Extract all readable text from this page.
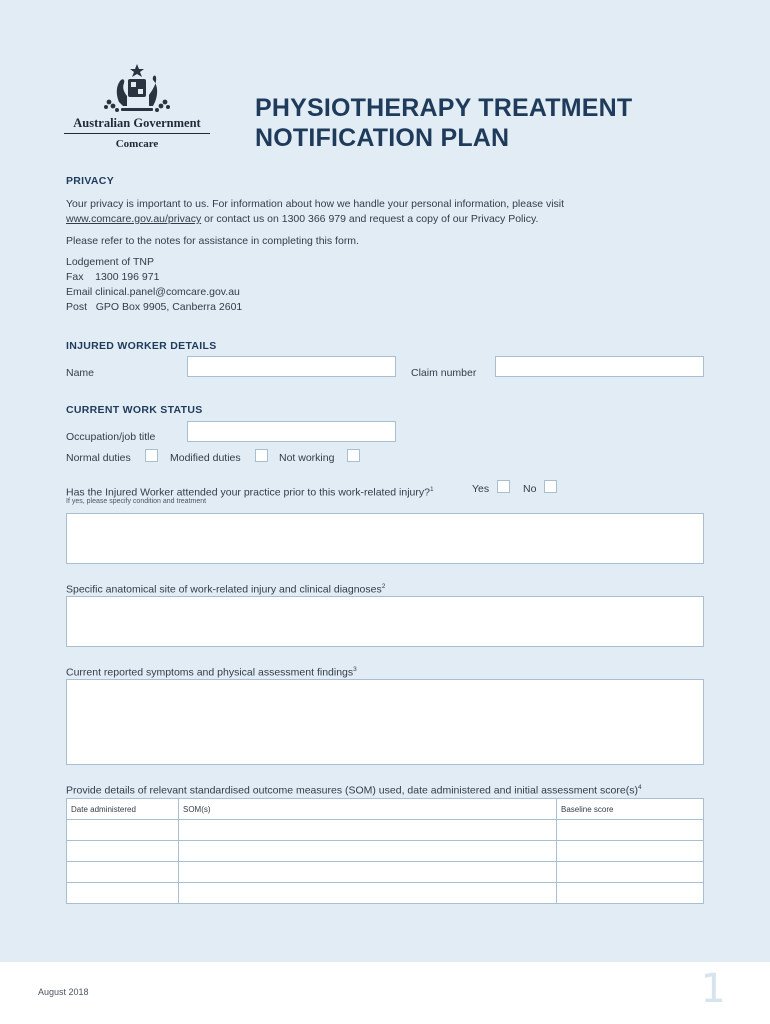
Australian Government
Comcare
PHYSIOTHERAPY TREATMENT
NOTIFICATION PLAN
PRIVACY
Your privacy is important to us. For information about how we handle your personal information, please visit
www.comcare.gov.au/privacy or contact us on 1300 366 979 and request a copy of our Privacy Policy.
Please refer to the notes for assistance in completing this form.
Lodgement of TNP
Fax    1300 196 971
Email clinical.panel@comcare.gov.au
Post   GPO Box 9905, Canberra 2601
INJURED WORKER DETAILS
Name	Claim number
CURRENT WORK STATUS
Occupation/job title
Normal duties	Modified duties	Not working
Has the Injured Worker attended your practice prior to this work-related injury?$^1$	Yes	No
If yes, please specify condition and treatment
Specific anatomical site of work-related injury and clinical diagnoses$^2$
Current reported symptoms and physical assessment findings$^3$
Provide details of relevant standardised outcome measures (SOM) used, date administered and initial assessment $score(s)^4$
Date administered	SOM(s)	Baseline score

August 2018	1
